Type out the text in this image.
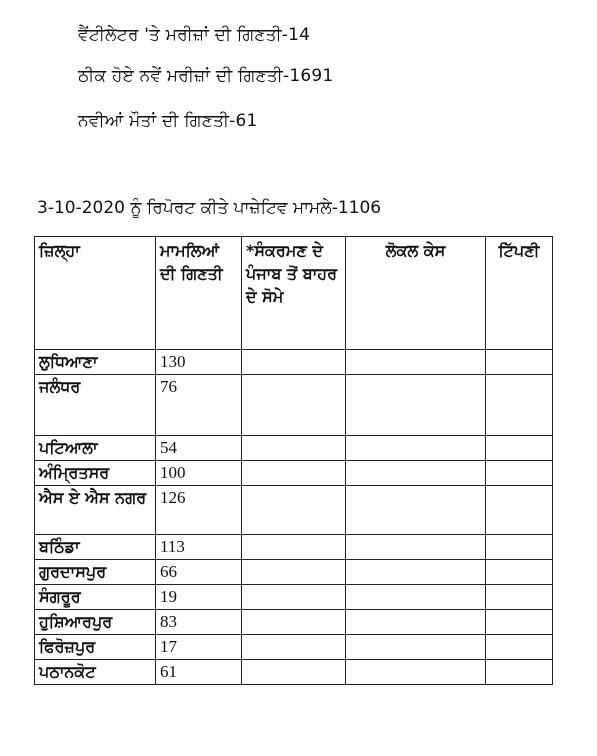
ਵੈਂਟੀਲੇਟਰ 'ਤੇ ਮਰੀਜ਼ਾਂ ਦੀ ਗਿਣਤੀ-14
ਠੀਕ ਹੋਏ ਨਵੇਂ ਮਰੀਜ਼ਾਂ ਦੀ ਗਿਣਤੀ-1691
ਨਵੀਆਂ ਮੌਤਾਂ ਦੀ ਗਿਣਤੀ-61
3-10-2020 ਨੂੰ ਰਿਪੋਰਟ ਕੀਤੇ ਪਾਜ਼ੇਟਿਵ ਮਾਮਲੇ-1106
ਜ਼ਿਲ੍ਹਾ	ਮਾਮਲਿਆਂ ਦੀ ਗਿਣਤੀ	*ਸੰਕਰਮਣ ਦੇ ਪੰਜਾਬ ਤੋਂ ਬਾਹਰ ਦੇ ਸੋਮੇ	ਲੋਕਲ ਕੇਸ	ਟਿੱਪਣੀ
ਲੁਧਿਆਣਾ	130			
ਜਲੰਧਰ	76			
ਪਟਿਆਲਾ	54			
ਅੰਮ੍ਰਿਤਸਰ	100			
ਐਸ ਏ ਐਸ ਨਗਰ	126			
ਬਠਿੰਡਾ	113			
ਗੁਰਦਾਸਪੁਰ	66			
ਸੰਗਰੂਰ	19			
ਹੁਸ਼ਿਆਰਪੁਰ	83			
ਫਿਰੋਜ਼ਪੁਰ	17			
ਪਠਾਨਕੋਟ	61			
